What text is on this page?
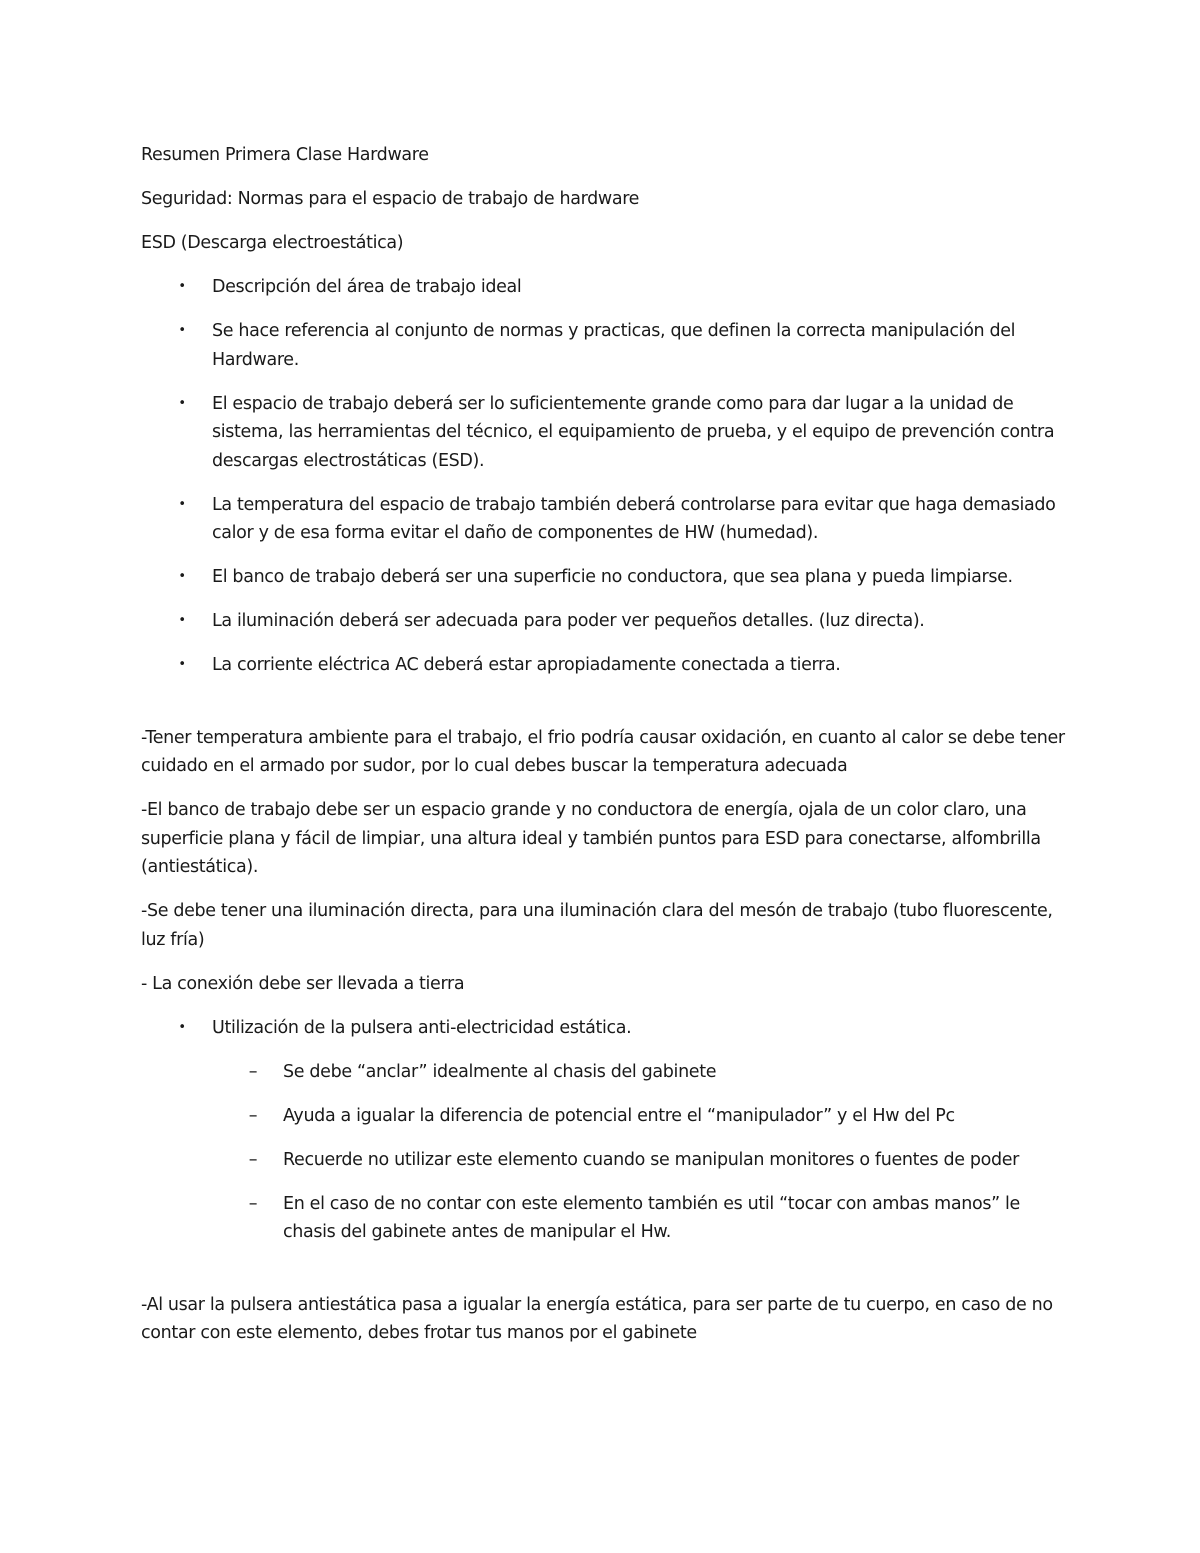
Resumen Primera Clase Hardware

Seguridad: Normas para el espacio de trabajo de hardware

ESD (Descarga electroestática)

•	Descripción del área de trabajo ideal
•	Se hace referencia al conjunto de normas y practicas, que definen la correcta manipulación del Hardware.
•	El espacio de trabajo deberá ser lo suficientemente grande como para dar lugar a la unidad de sistema, las herramientas del técnico, el equipamiento de prueba, y el equipo de prevención contra descargas electrostáticas (ESD).
•	La temperatura del espacio de trabajo también deberá controlarse para evitar que haga demasiado calor y de esa forma evitar el daño de componentes de HW (humedad).
•	El banco de trabajo deberá ser una superficie no conductora, que sea plana y pueda limpiarse.
•	La iluminación deberá ser adecuada para poder ver pequeños detalles. (luz directa).
•	La corriente eléctrica AC deberá estar apropiadamente conectada a tierra.

-Tener temperatura ambiente para el trabajo, el frio podría causar oxidación, en cuanto al calor se debe tener cuidado en el armado por sudor, por lo cual debes buscar la temperatura adecuada

-El banco de trabajo debe ser un espacio grande y no conductora de energía, ojala de un color claro, una superficie plana y fácil de limpiar, una altura ideal y también puntos para ESD para conectarse, alfombrilla (antiestática).

-Se debe tener una iluminación directa, para una iluminación clara del mesón de trabajo (tubo fluorescente, luz fría)

- La conexión debe ser llevada a tierra

•	Utilización de la pulsera anti-electricidad estática.
–	Se debe “anclar” idealmente al chasis del gabinete
–	Ayuda a igualar la diferencia de potencial entre el “manipulador” y el Hw del Pc
–	Recuerde no utilizar este elemento cuando se manipulan monitores o fuentes de poder
–	En el caso de no contar con este elemento también es util “tocar con ambas manos” le chasis del gabinete antes de manipular el Hw.

-Al usar la pulsera antiestática pasa a igualar la energía estática, para ser parte de tu cuerpo, en caso de no contar con este elemento, debes frotar tus manos por el gabinete
